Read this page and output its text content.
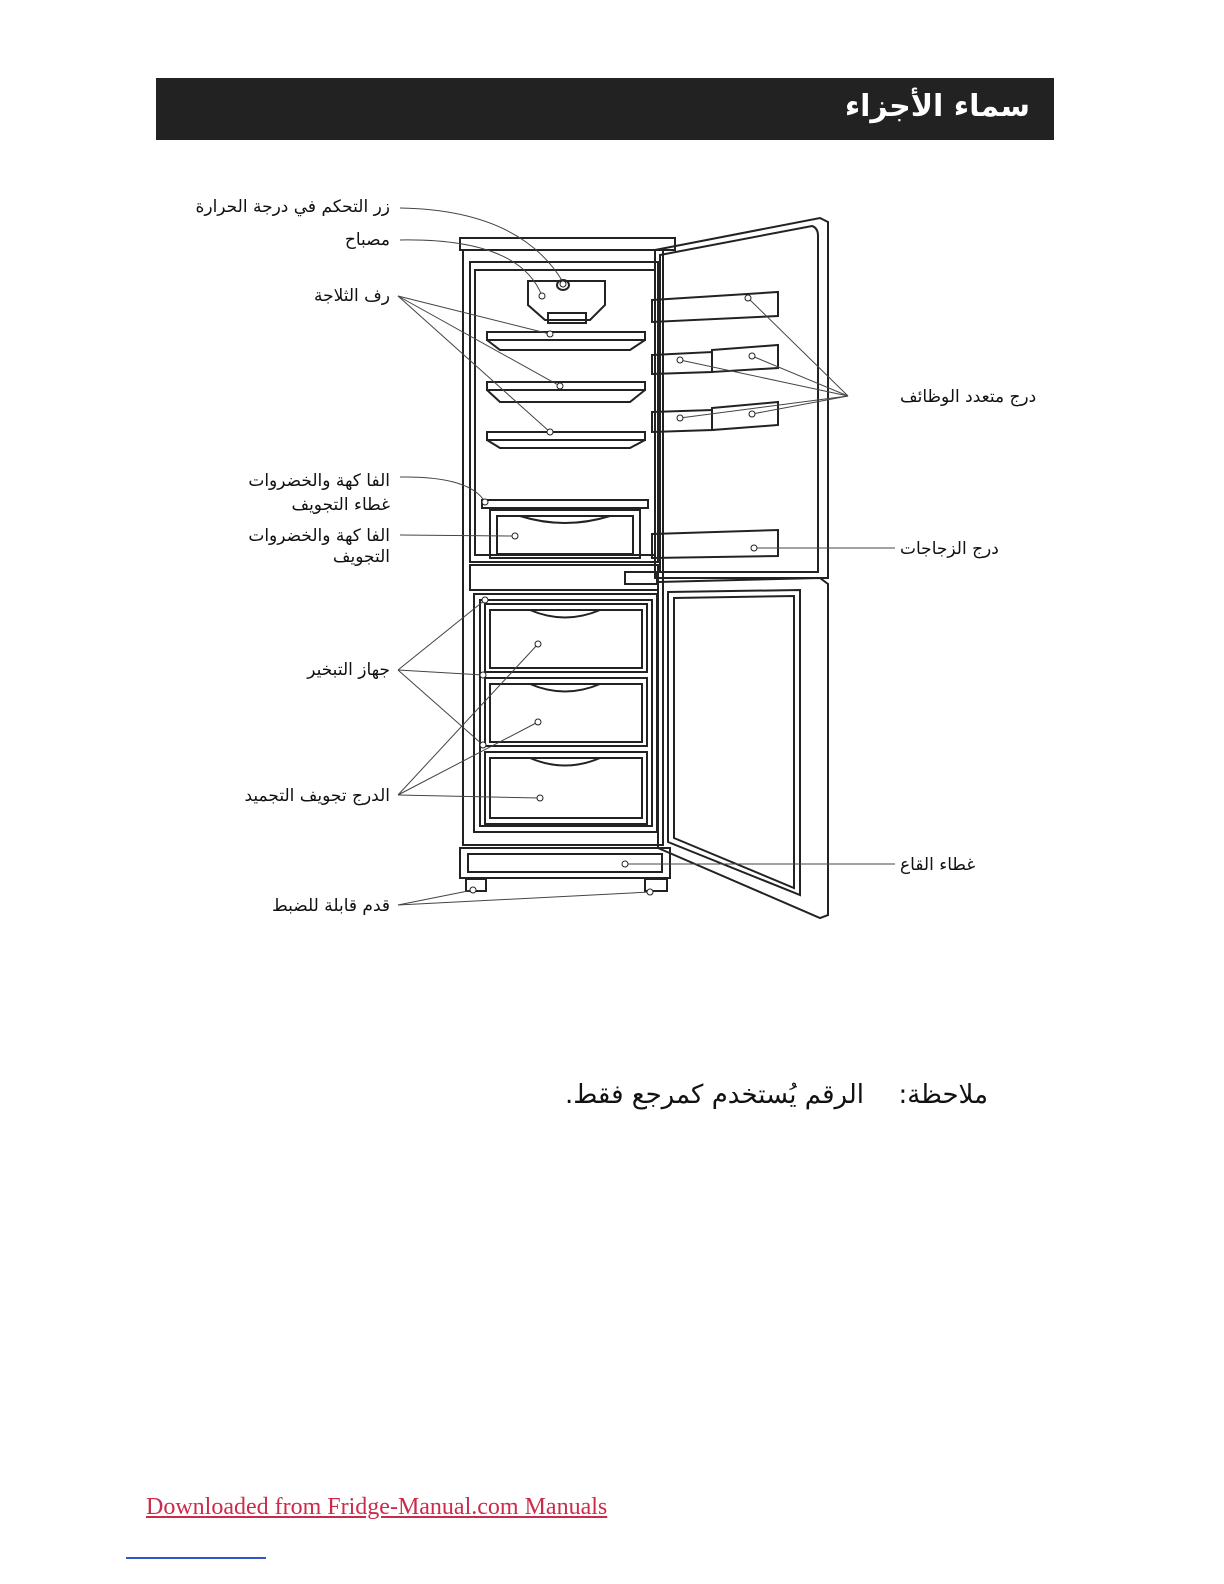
سماء الأجزاء
زر التحكم في درجة الحرارة
مصباح
رف الثلاجة
الفا كهة والخضروات
غطاء التجويف
الفا كهة والخضروات
التجويف
جهاز التبخير
الدرج تجويف التجميد
قدم قابلة للضبط
درج متعدد الوظائف
درج الزجاجات
غطاء القاع
ملاحظة:
الرقم يُستخدم كمرجع فقط.
Downloaded from Fridge-Manual.com Manuals
